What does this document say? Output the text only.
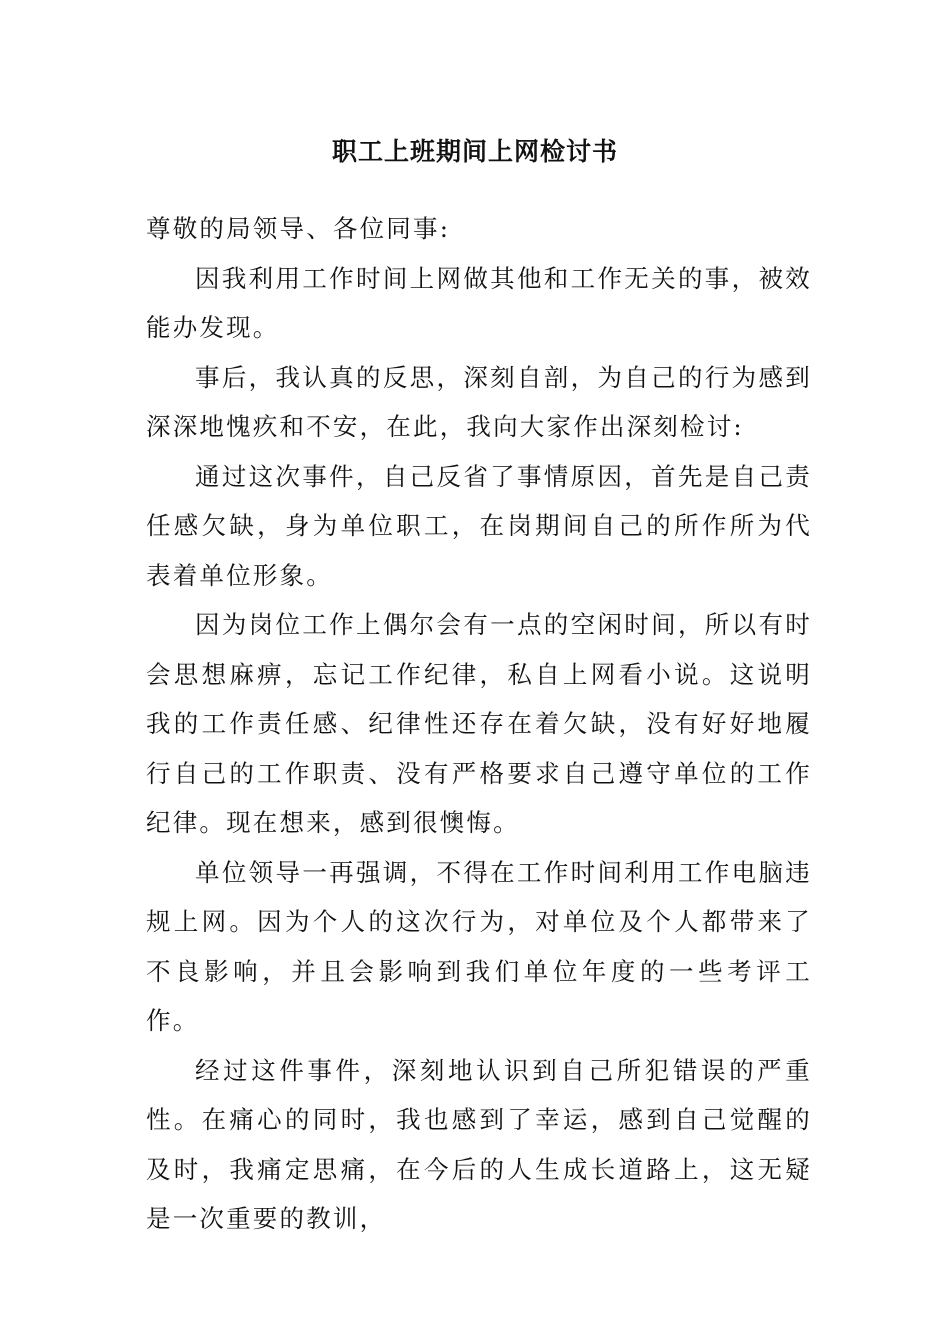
职工上班期间上网检讨书

尊敬的局领导、各位同事:

因我利用工作时间上网做其他和工作无关的事，被效能办发现。

事后，我认真的反思，深刻自剖，为自己的行为感到深深地愧疚和不安，在此，我向大家作出深刻检讨:

通过这次事件，自己反省了事情原因，首先是自己责任感欠缺，身为单位职工，在岗期间自己的所作所为代表着单位形象。

因为岗位工作上偶尔会有一点的空闲时间，所以有时会思想麻痹，忘记工作纪律，私自上网看小说。这说明我的工作责任感、纪律性还存在着欠缺，没有好好地履行自己的工作职责、没有严格要求自己遵守单位的工作纪律。现在想来，感到很懊悔。

单位领导一再强调，不得在工作时间利用工作电脑违规上网。因为个人的这次行为，对单位及个人都带来了不良影响，并且会影响到我们单位年度的一些考评工作。

经过这件事件，深刻地认识到自己所犯错误的严重性。在痛心的同时，我也感到了幸运，感到自己觉醒的及时，我痛定思痛，在今后的人生成长道路上，这无疑是一次重要的教训，
